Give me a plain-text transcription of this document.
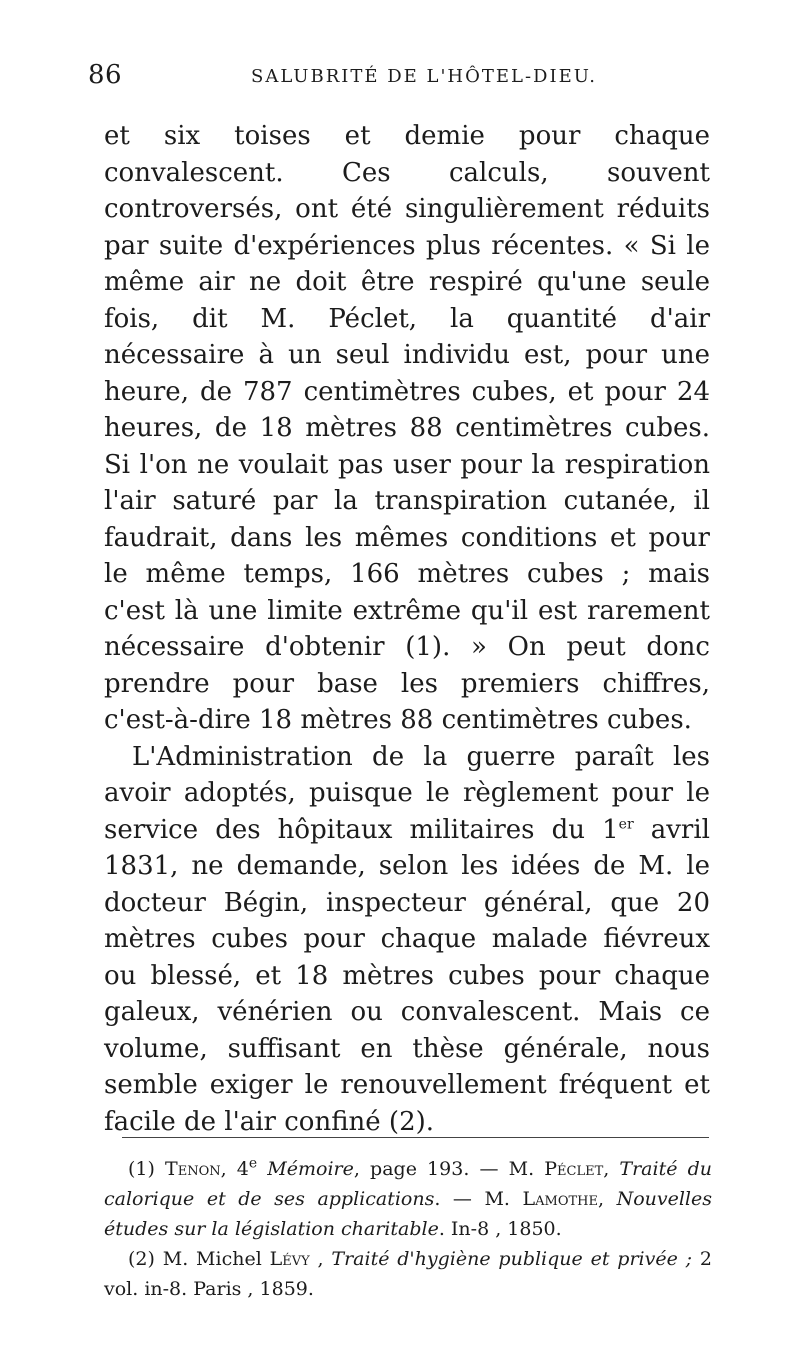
86	SALUBRITÉ DE L'HÔTEL-DIEU.

et six toises et demie pour chaque convalescent. Ces calculs, souvent controversés, ont été singulièrement réduits par suite d'expériences plus récentes. « Si le même air ne doit être respiré qu'une seule fois, dit M. Péclet, la quantité d'air nécessaire à un seul individu est, pour une heure, de 787 centimètres cubes, et pour 24 heures, de 18 mètres 88 centimètres cubes. Si l'on ne voulait pas user pour la respiration l'air saturé par la transpiration cutanée, il faudrait, dans les mêmes conditions et pour le même temps, 166 mètres cubes ; mais c'est là une limite extrême qu'il est rarement nécessaire d'obtenir (1). » On peut donc prendre pour base les premiers chiffres, c'est-à-dire 18 mètres 88 centimètres cubes.

L'Administration de la guerre paraît les avoir adoptés, puisque le règlement pour le service des hôpitaux militaires du 1er avril 1831, ne demande, selon les idées de M. le docteur Bégin, inspecteur général, que 20 mètres cubes pour chaque malade fiévreux ou blessé, et 18 mètres cubes pour chaque galeux, vénérien ou convalescent. Mais ce volume, suffisant en thèse générale, nous semble exiger le renouvellement fréquent et facile de l'air confiné (2).

(1) Tenon, 4e Mémoire, page 193. — M. Péclet, Traité du calorique et de ses applications. — M. Lamothe, Nouvelles études sur la législation charitable. In-8 , 1850.

(2) M. Michel Lévy , Traité d'hygiène publique et privée ; 2 vol. in-8. Paris , 1859.
